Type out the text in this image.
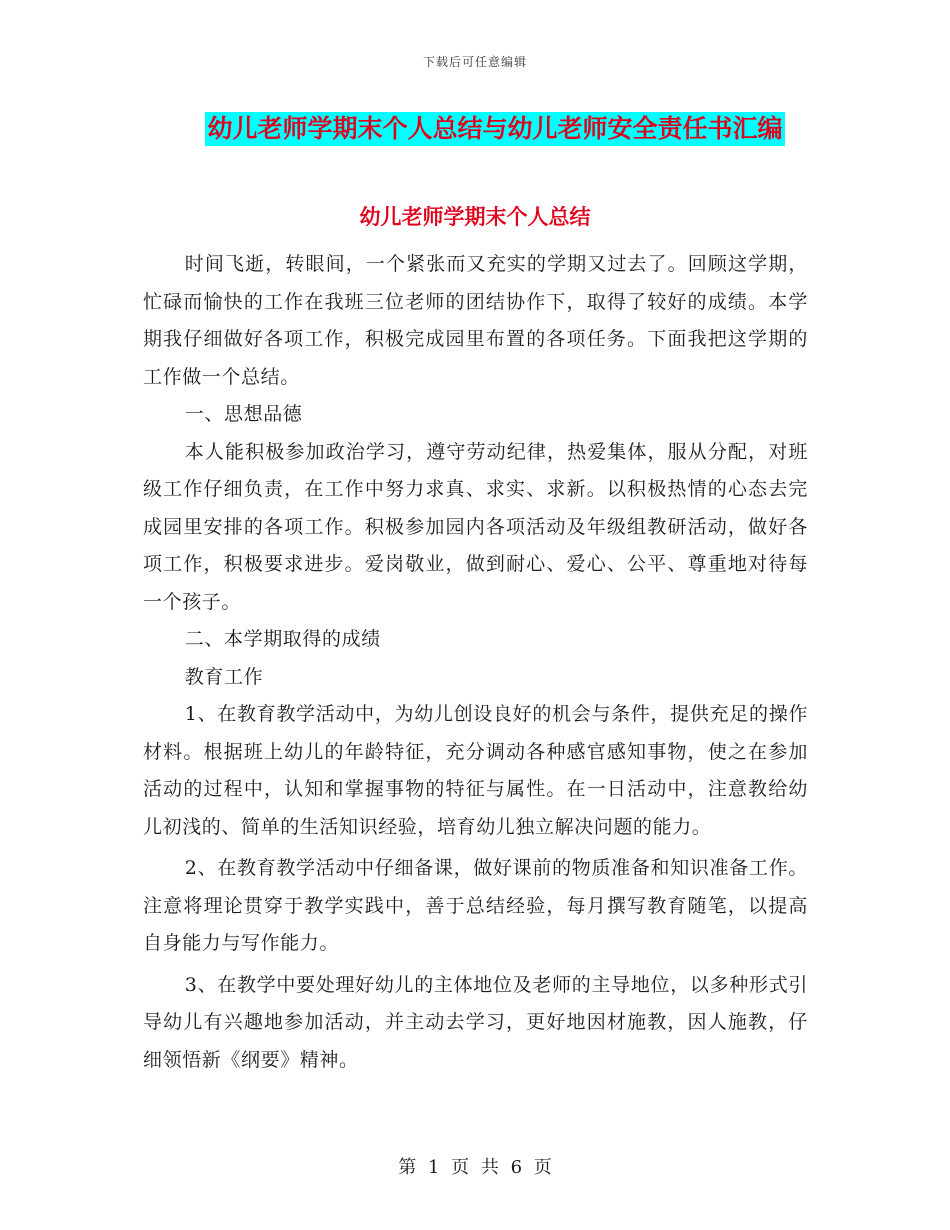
下载后可任意编辑
幼儿老师学期末个人总结与幼儿老师安全责任书汇编
幼儿老师学期末个人总结

时间飞逝，转眼间，一个紧张而又充实的学期又过去了。回顾这学期，忙碌而愉快的工作在我班三位老师的团结协作下，取得了较好的成绩。本学期我仔细做好各项工作，积极完成园里布置的各项任务。下面我把这学期的工作做一个总结。

一、思想品德

本人能积极参加政治学习，遵守劳动纪律，热爱集体，服从分配，对班级工作仔细负责，在工作中努力求真、求实、求新。以积极热情的心态去完成园里安排的各项工作。积极参加园内各项活动及年级组教研活动，做好各项工作，积极要求进步。爱岗敬业，做到耐心、爱心、公平、尊重地对待每一个孩子。

二、本学期取得的成绩

教育工作

1、在教育教学活动中，为幼儿创设良好的机会与条件，提供充足的操作材料。根据班上幼儿的年龄特征，充分调动各种感官感知事物，使之在参加活动的过程中，认知和掌握事物的特征与属性。在一日活动中，注意教给幼儿初浅的、简单的生活知识经验，培育幼儿独立解决问题的能力。

2、在教育教学活动中仔细备课，做好课前的物质准备和知识准备工作。注意将理论贯穿于教学实践中，善于总结经验，每月撰写教育随笔，以提高自身能力与写作能力。

3、在教学中要处理好幼儿的主体地位及老师的主导地位，以多种形式引导幼儿有兴趣地参加活动，并主动去学习，更好地因材施教，因人施教，仔细领悟新《纲要》精神。

第 1 页 共 6 页
